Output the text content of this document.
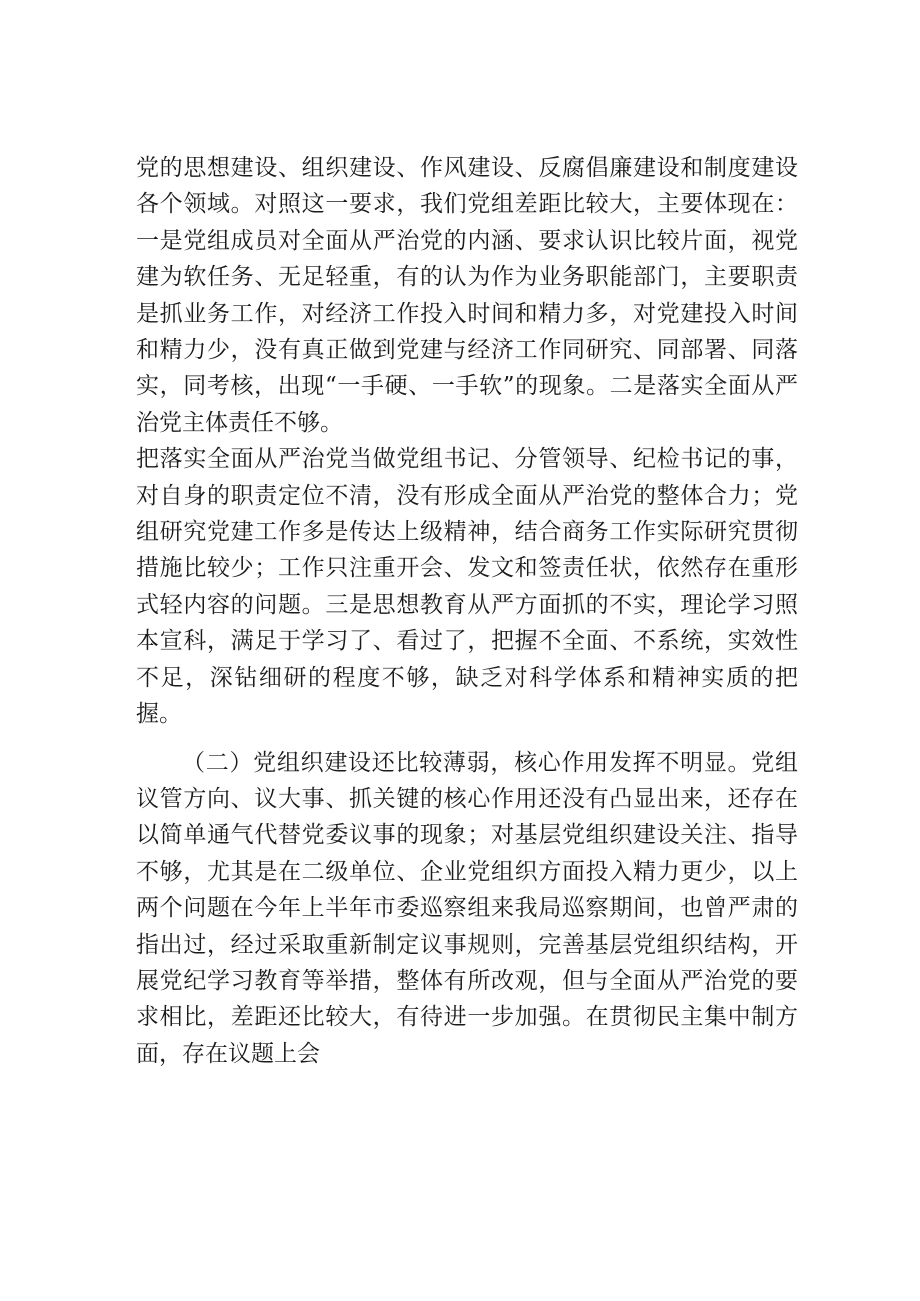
党的思想建设、组织建设、作风建设、反腐倡廉建设和制度建设各个领域。对照这一要求，我们党组差距比较大，主要体现在：一是党组成员对全面从严治党的内涵、要求认识比较片面，视党建为软任务、无足轻重，有的认为作为业务职能部门，主要职责是抓业务工作，对经济工作投入时间和精力多，对党建投入时间和精力少，没有真正做到党建与经济工作同研究、同部署、同落实，同考核，出现“一手硬、一手软”的现象。二是落实全面从严治党主体责任不够。

把落实全面从严治党当做党组书记、分管领导、纪检书记的事，对自身的职责定位不清，没有形成全面从严治党的整体合力；党组研究党建工作多是传达上级精神，结合商务工作实际研究贯彻措施比较少；工作只注重开会、发文和签责任状，依然存在重形式轻内容的问题。三是思想教育从严方面抓的不实，理论学习照本宣科，满足于学习了、看过了，把握不全面、不系统，实效性不足，深钻细研的程度不够，缺乏对科学体系和精神实质的把握。

（二）党组织建设还比较薄弱，核心作用发挥不明显。党组议管方向、议大事、抓关键的核心作用还没有凸显出来，还存在以简单通气代替党委议事的现象；对基层党组织建设关注、指导不够，尤其是在二级单位、企业党组织方面投入精力更少，以上两个问题在今年上半年市委巡察组来我局巡察期间，也曾严肃的指出过，经过采取重新制定议事规则，完善基层党组织结构，开展党纪学习教育等举措，整体有所改观，但与全面从严治党的要求相比，差距还比较大，有待进一步加强。在贯彻民主集中制方面，存在议题上会
